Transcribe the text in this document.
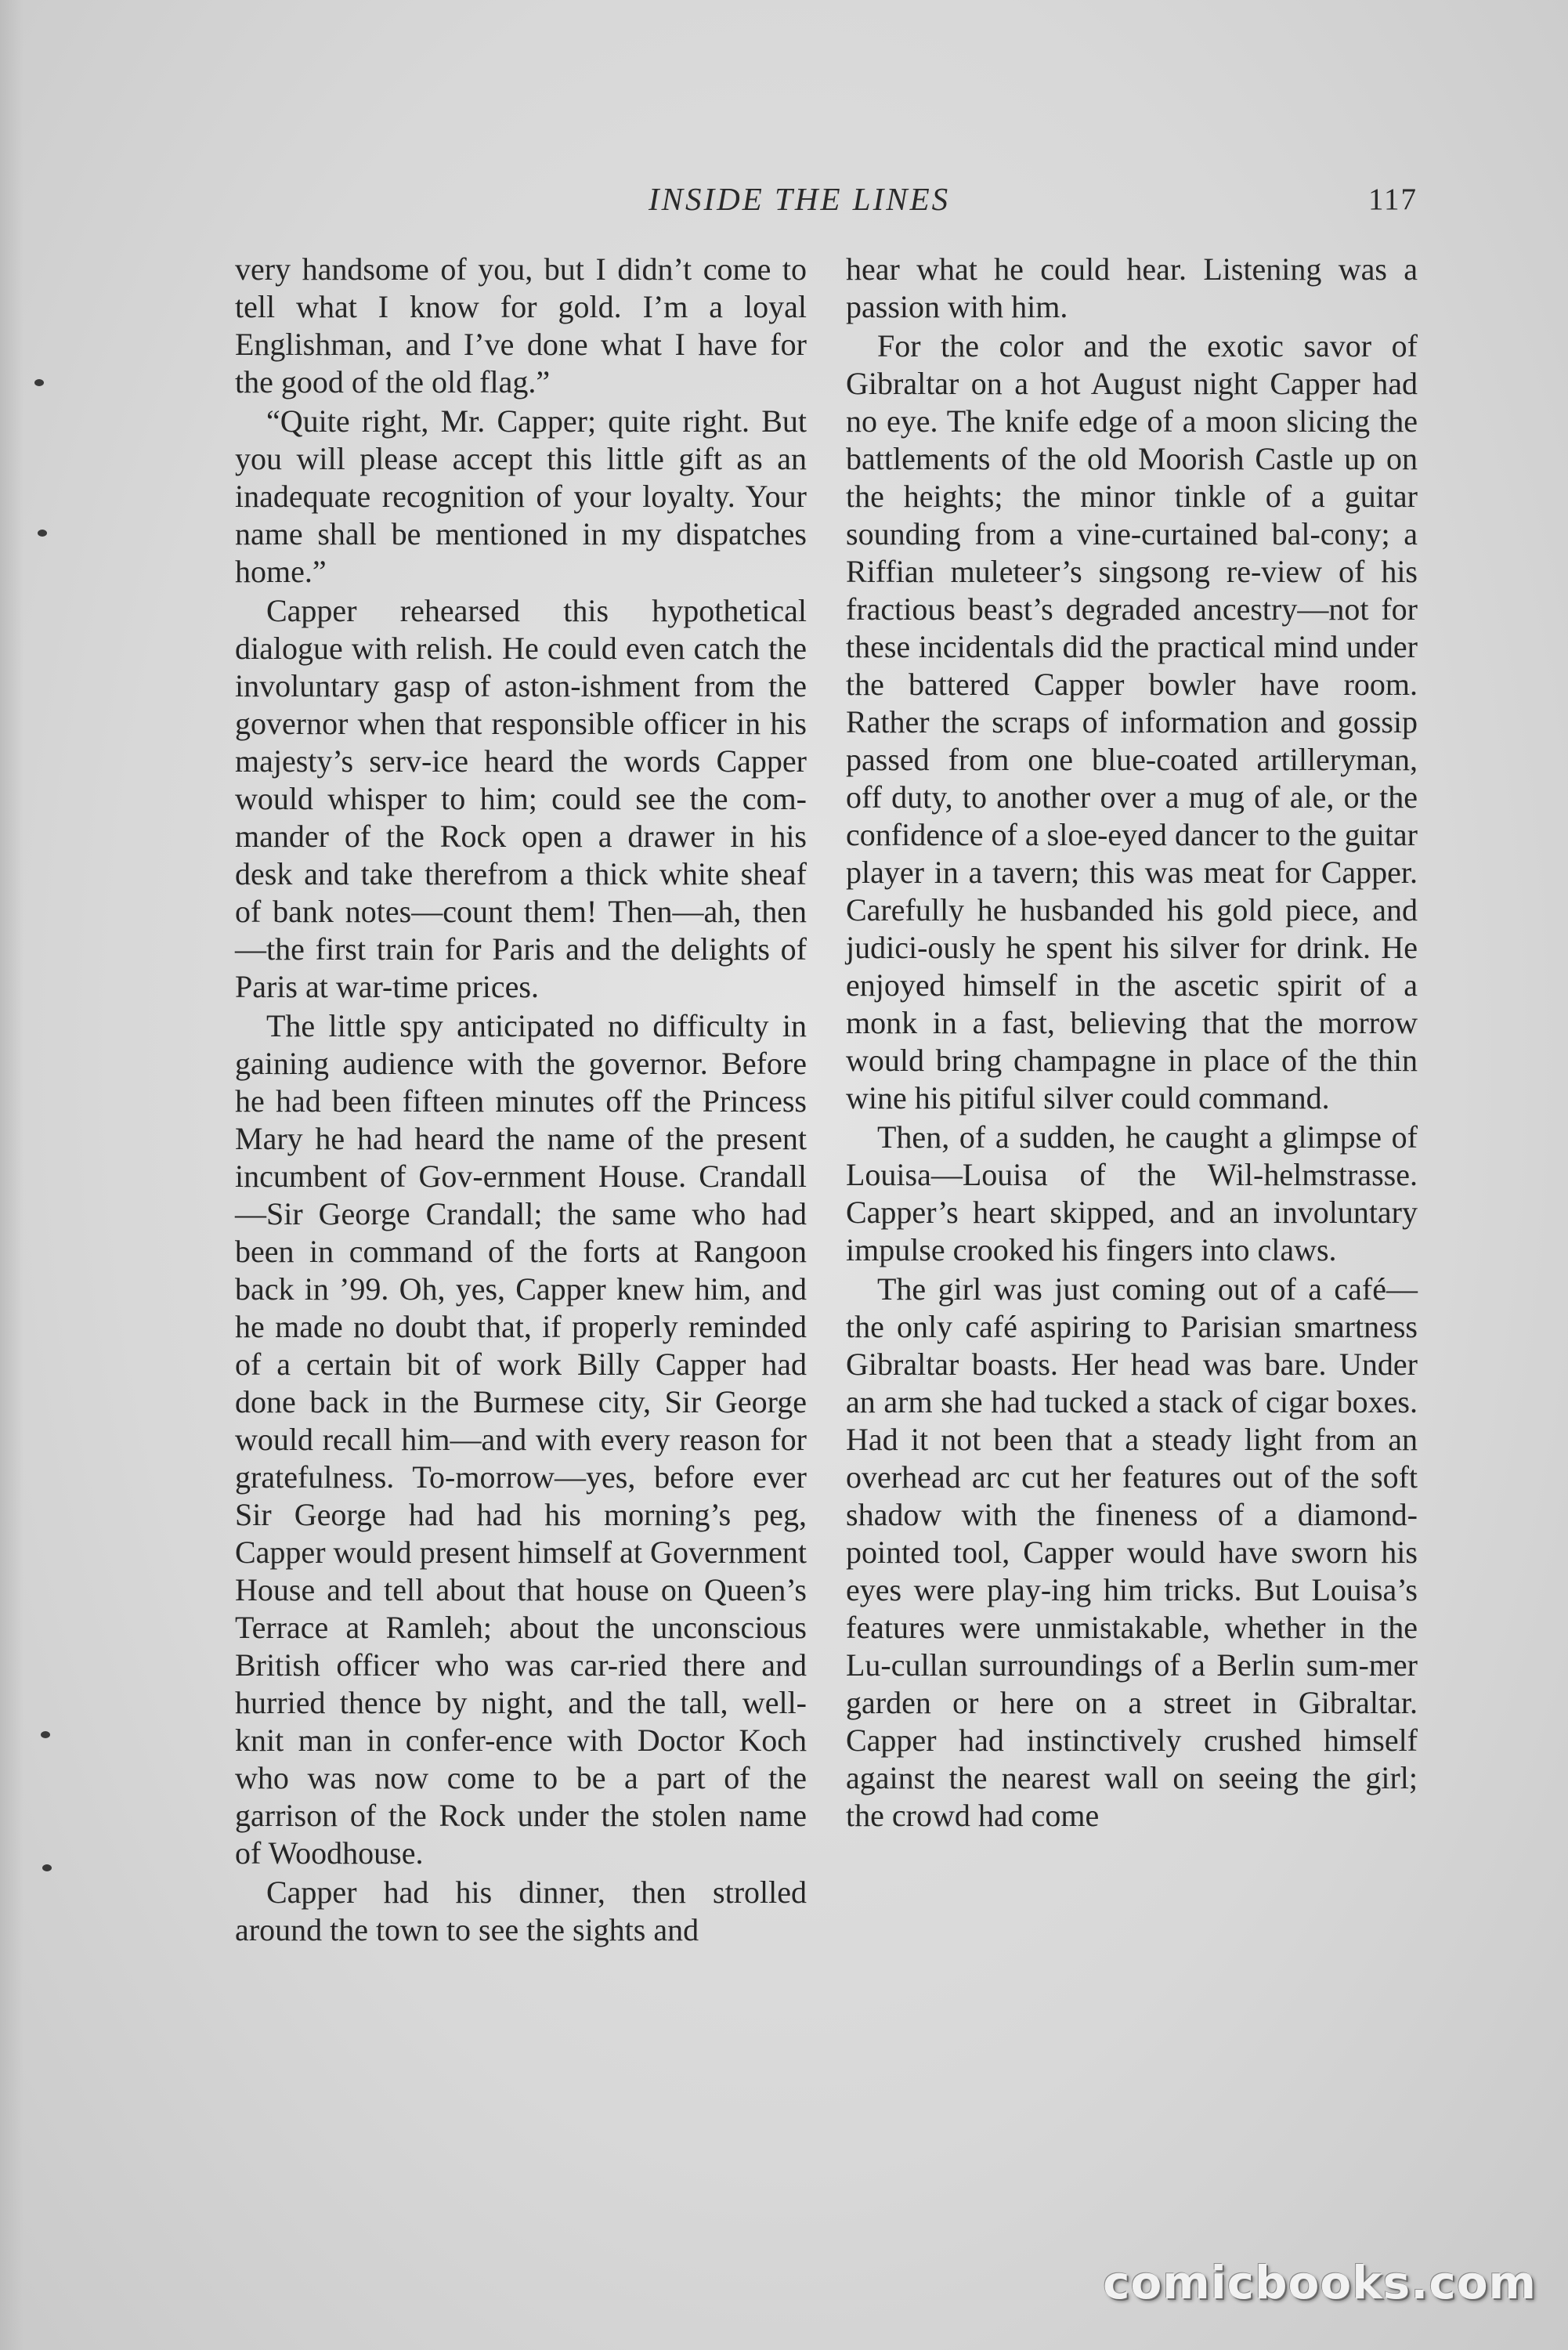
INSIDE THE LINES	117

very handsome of you, but I didn’t come to tell what I know for gold. I’m a loyal Englishman, and I’ve done what I have for the good of the old flag.”

“Quite right, Mr. Capper; quite right. But you will please accept this little gift as an inadequate recognition of your loyalty. Your name shall be mentioned in my dispatches home.”

Capper rehearsed this hypothetical dialogue with relish. He could even catch the involuntary gasp of aston-ishment from the governor when that responsible officer in his majesty’s serv-ice heard the words Capper would whisper to him; could see the com-mander of the Rock open a drawer in his desk and take therefrom a thick white sheaf of bank notes—count them! Then—ah, then—the first train for Paris and the delights of Paris at war-time prices.

The little spy anticipated no difficulty in gaining audience with the governor. Before he had been fifteen minutes off the Princess Mary he had heard the name of the present incumbent of Gov-ernment House. Crandall—Sir George Crandall; the same who had been in command of the forts at Rangoon back in ’99. Oh, yes, Capper knew him, and he made no doubt that, if properly reminded of a certain bit of work Billy Capper had done back in the Burmese city, Sir George would recall him—and with every reason for gratefulness. To-morrow—yes, before ever Sir George had had his morning’s peg, Capper would present himself at Government House and tell about that house on Queen’s Terrace at Ramleh; about the unconscious British officer who was car-ried there and hurried thence by night, and the tall, well-knit man in confer-ence with Doctor Koch who was now come to be a part of the garrison of the Rock under the stolen name of Woodhouse.

Capper had his dinner, then strolled around the town to see the sights and

hear what he could hear. Listening was a passion with him.

For the color and the exotic savor of Gibraltar on a hot August night Capper had no eye. The knife edge of a moon slicing the battlements of the old Moorish Castle up on the heights; the minor tinkle of a guitar sounding from a vine-curtained bal-cony; a Riffian muleteer’s singsong re-view of his fractious beast’s degraded ancestry—not for these incidentals did the practical mind under the battered Capper bowler have room. Rather the scraps of information and gossip passed from one blue-coated artilleryman, off duty, to another over a mug of ale, or the confidence of a sloe-eyed dancer to the guitar player in a tavern; this was meat for Capper. Carefully he husbanded his gold piece, and judici-ously he spent his silver for drink. He enjoyed himself in the ascetic spirit of a monk in a fast, believing that the morrow would bring champagne in place of the thin wine his pitiful silver could command.

Then, of a sudden, he caught a glimpse of Louisa—Louisa of the Wil-helmstrasse. Capper’s heart skipped, and an involuntary impulse crooked his fingers into claws.

The girl was just coming out of a café—the only café aspiring to Parisian smartness Gibraltar boasts. Her head was bare. Under an arm she had tucked a stack of cigar boxes. Had it not been that a steady light from an overhead arc cut her features out of the soft shadow with the fineness of a diamond-pointed tool, Capper would have sworn his eyes were play-ing him tricks. But Louisa’s features were unmistakable, whether in the Lu-cullan surroundings of a Berlin sum-mer garden or here on a street in Gibraltar. Capper had instinctively crushed himself against the nearest wall on seeing the girl; the crowd had come

comicbooks.com
